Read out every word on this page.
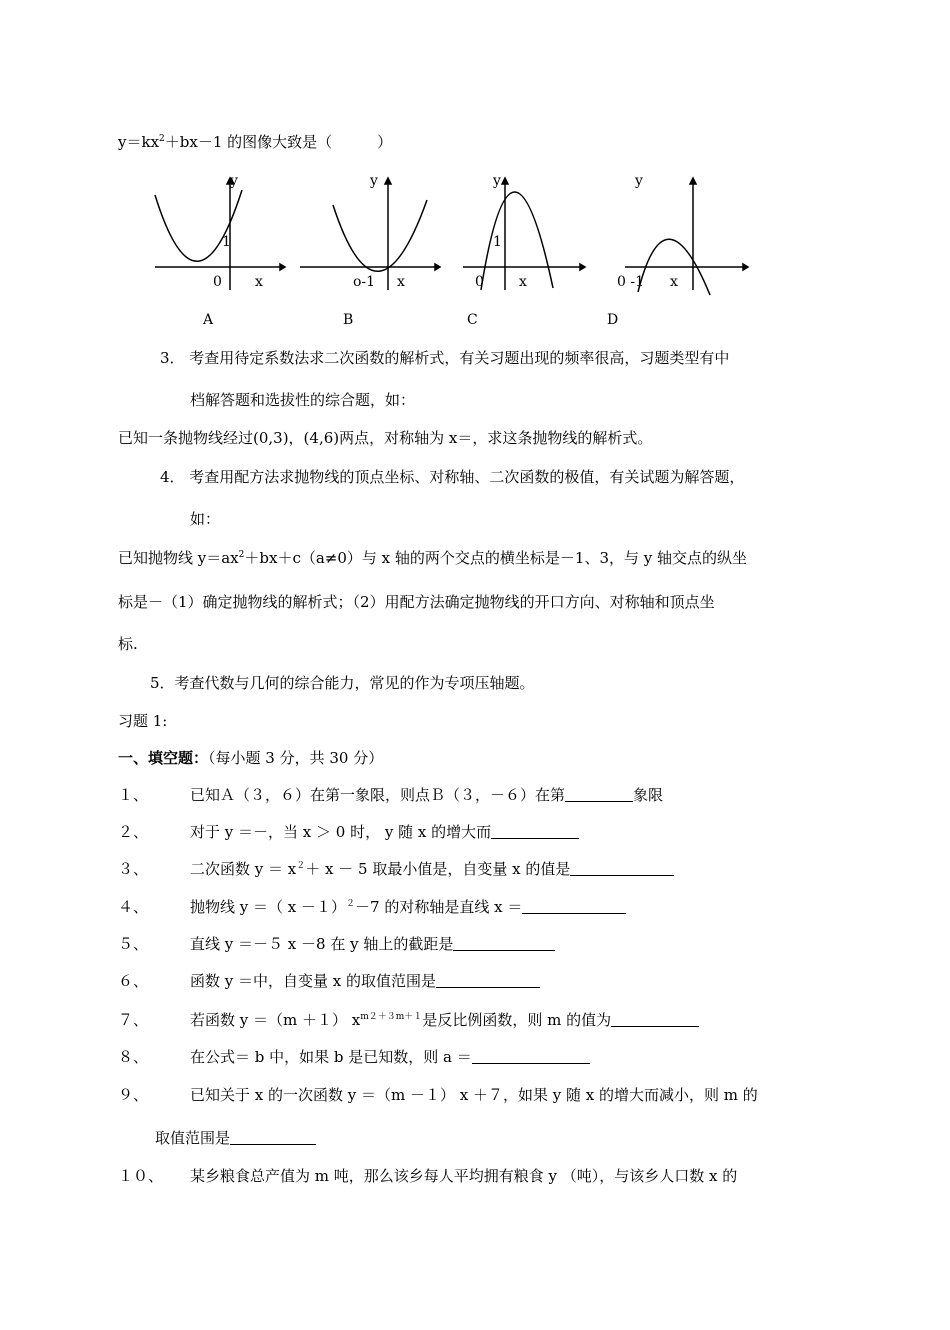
$y=kx^2+bx-1$ 的图像大致是（　　　）
y
1
0 x
A
y
o-1 x
B
y
1
0	x
C
y
0 -1 x
D
3． 考查用待定系数法求二次函数的解析式，有关习题出现的频率很高，习题类型有中
档解答题和选拔性的综合题，如：
已知一条抛物线经过(0,3)，(4,6)两点，对称轴为 x＝，求这条抛物线的解析式。
4． 考查用配方法求抛物线的顶点坐标、对称轴、二次函数的极值，有关试题为解答题，
如：
已知抛物线 $y=ax^2+bx+c(a\ne 0)$与 x 轴的两个交点的横坐标是－1、3，与 y 轴交点的纵坐
标是－（1）确定抛物线的解析式；（2）用配方法确定抛物线的开口方向、对称轴和顶点坐
标.
5．考查代数与几何的综合能力，常见的作为专项压轴题。
习题 1:
一、填空题：（每小题 3 分，共 30 分）
１、	已知Ａ（３，６）在第一象限，则点Ｂ（３，－６）在第	象限
２、	对于 y ＝－，当 x ＞ 0 时， y 随 x 的增大而
３、	二次函数 $y = x^2+ x - 5$ 取最小值是，自变量 x 的值是
４、	抛物线 y ＝（ x －１）$^2$－7 的对称轴是直线 x ＝
５、	直线 y ＝－５ x －8 在 y 轴上的截距是
６、	函数 y ＝中，自变量 x 的取值范围是
７、	若函数 y ＝（m ＋１） $x^{m2+3m+1}$是反比例函数，则 m 的值为
８、	在公式＝ b 中，如果 b 是已知数，则 a ＝
９、	已知关于 x 的一次函数 y ＝（m －１） x ＋７，如果 y 随 x 的增大而减小，则 m 的
取值范围是
１０、 某乡粮食总产值为 m 吨，那么该乡每人平均拥有粮食 y （吨），与该乡人口数 x 的
